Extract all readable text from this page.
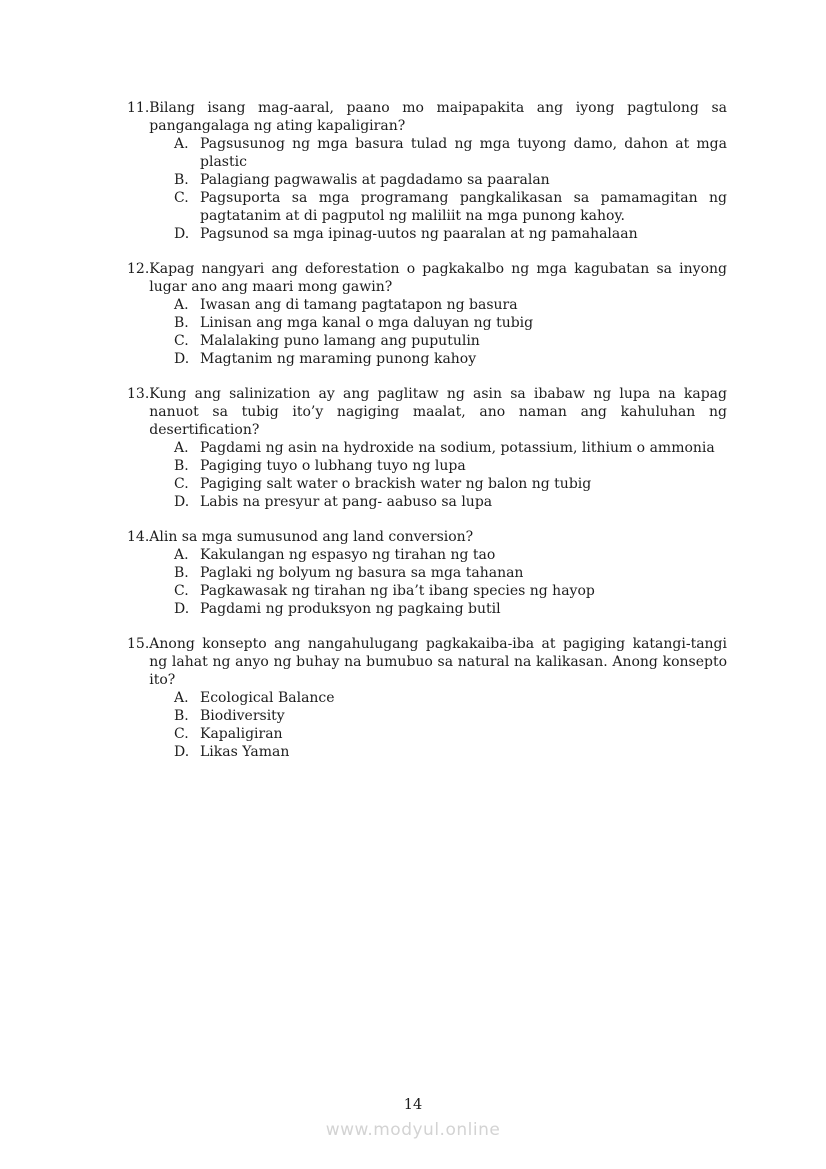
11. Bilang isang mag-aaral, paano mo maipapakita ang iyong pagtulong sa pangangalaga ng ating kapaligiran?
A. Pagsusunog ng mga basura tulad ng mga tuyong damo, dahon at mga plastic
B. Palagiang pagwawalis at pagdadamo sa paaralan
C. Pagsuporta sa mga programang pangkalikasan sa pamamagitan ng pagtatanim at di pagputol ng maliliit na mga punong kahoy.
D. Pagsunod sa mga ipinag-uutos ng paaralan at ng pamahalaan
12. Kapag nangyari ang deforestation o pagkakalbo ng mga kagubatan sa inyong lugar ano ang maari mong gawin?
A. Iwasan ang di tamang pagtatapon ng basura
B. Linisan ang mga kanal o mga daluyan ng tubig
C. Malalaking puno lamang ang puputulin
D. Magtanim ng maraming punong kahoy
13. Kung ang salinization ay ang paglitaw ng asin sa ibabaw ng lupa na kapag nanuot sa tubig ito’y nagiging maalat, ano naman ang kahuluhan ng desertification?
A. Pagdami ng asin na hydroxide na sodium, potassium, lithium o ammonia
B. Pagiging tuyo o lubhang tuyo ng lupa
C. Pagiging salt water o brackish water ng balon ng tubig
D. Labis na presyur at pang- aabuso sa lupa
14. Alin sa mga sumusunod ang land conversion?
A. Kakulangan ng espasyo ng tirahan ng tao
B. Paglaki ng bolyum ng basura sa mga tahanan
C. Pagkawasak ng tirahan ng iba’t ibang species ng hayop
D. Pagdami ng produksyon ng pagkaing butil
15. Anong konsepto ang nangahulugang pagkakaiba-iba at pagiging katangi-tangi ng lahat ng anyo ng buhay na bumubuo sa natural na kalikasan. Anong konsepto ito?
A. Ecological Balance
B. Biodiversity
C. Kapaligiran
D. Likas Yaman
14
www.modyul.online
